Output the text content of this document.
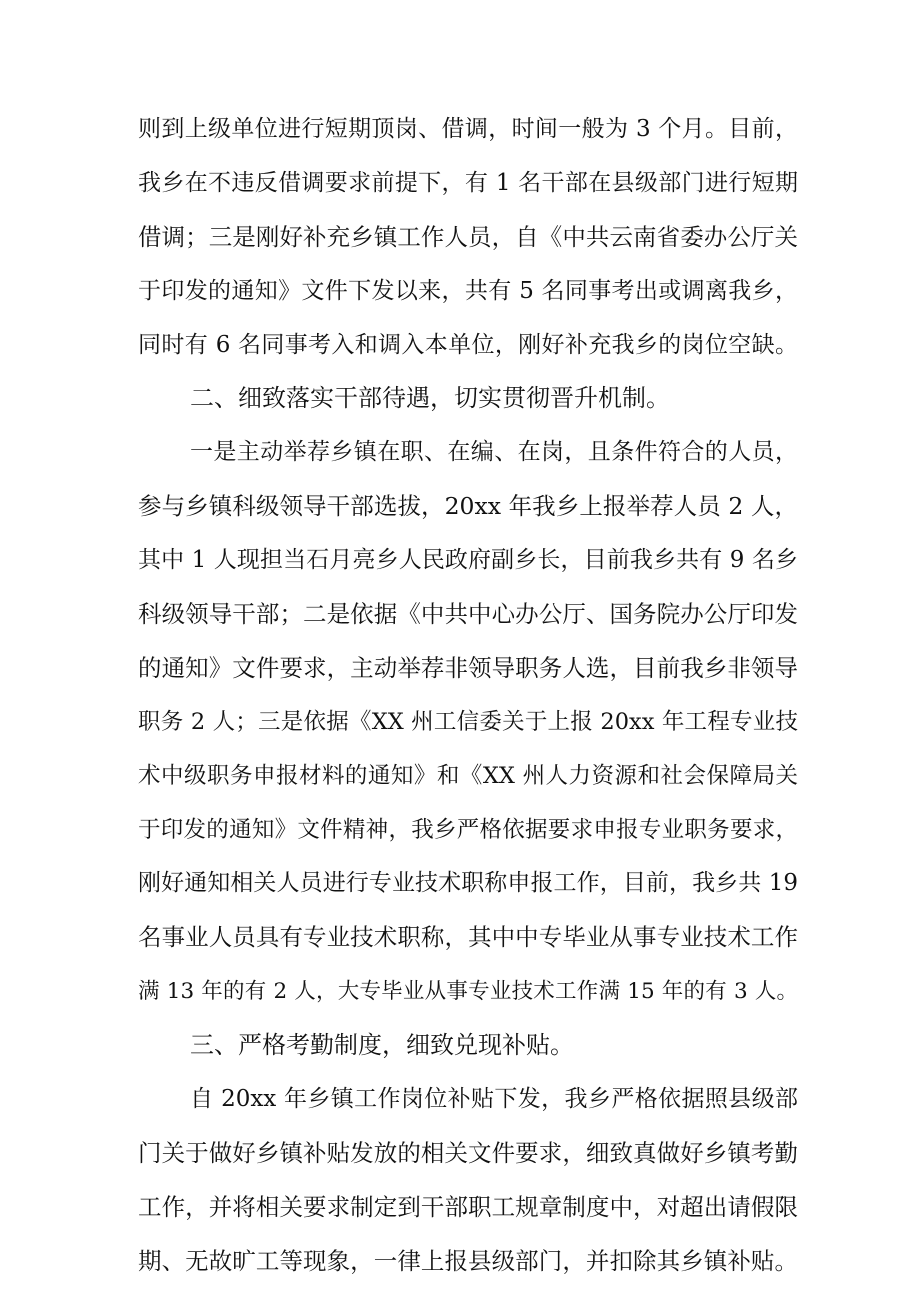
则到上级单位进行短期顶岗、借调，时间一般为 3 个月。目前，
我乡在不违反借调要求前提下，有 1 名干部在县级部门进行短期
借调；三是刚好补充乡镇工作人员，自《中共云南省委办公厅关
于印发的通知》文件下发以来，共有 5 名同事考出或调离我乡，
同时有 6 名同事考入和调入本单位，刚好补充我乡的岗位空缺。
二、细致落实干部待遇，切实贯彻晋升机制。
一是主动举荐乡镇在职、在编、在岗，且条件符合的人员，
参与乡镇科级领导干部选拔，20xx 年我乡上报举荐人员 2 人，
其中 1 人现担当石月亮乡人民政府副乡长，目前我乡共有 9 名乡
科级领导干部；二是依据《中共中心办公厅、国务院办公厅印发
的通知》文件要求，主动举荐非领导职务人选，目前我乡非领导
职务 2 人；三是依据《XX 州工信委关于上报 20xx 年工程专业技
术中级职务申报材料的通知》和《XX 州人力资源和社会保障局关
于印发的通知》文件精神，我乡严格依据要求申报专业职务要求，
刚好通知相关人员进行专业技术职称申报工作，目前，我乡共 19
名事业人员具有专业技术职称，其中中专毕业从事专业技术工作
满 13 年的有 2 人，大专毕业从事专业技术工作满 15 年的有 3 人。
三、严格考勤制度，细致兑现补贴。
自 20xx 年乡镇工作岗位补贴下发，我乡严格依据照县级部
门关于做好乡镇补贴发放的相关文件要求，细致真做好乡镇考勤
工作，并将相关要求制定到干部职工规章制度中，对超出请假限
期、无故旷工等现象，一律上报县级部门，并扣除其乡镇补贴。
